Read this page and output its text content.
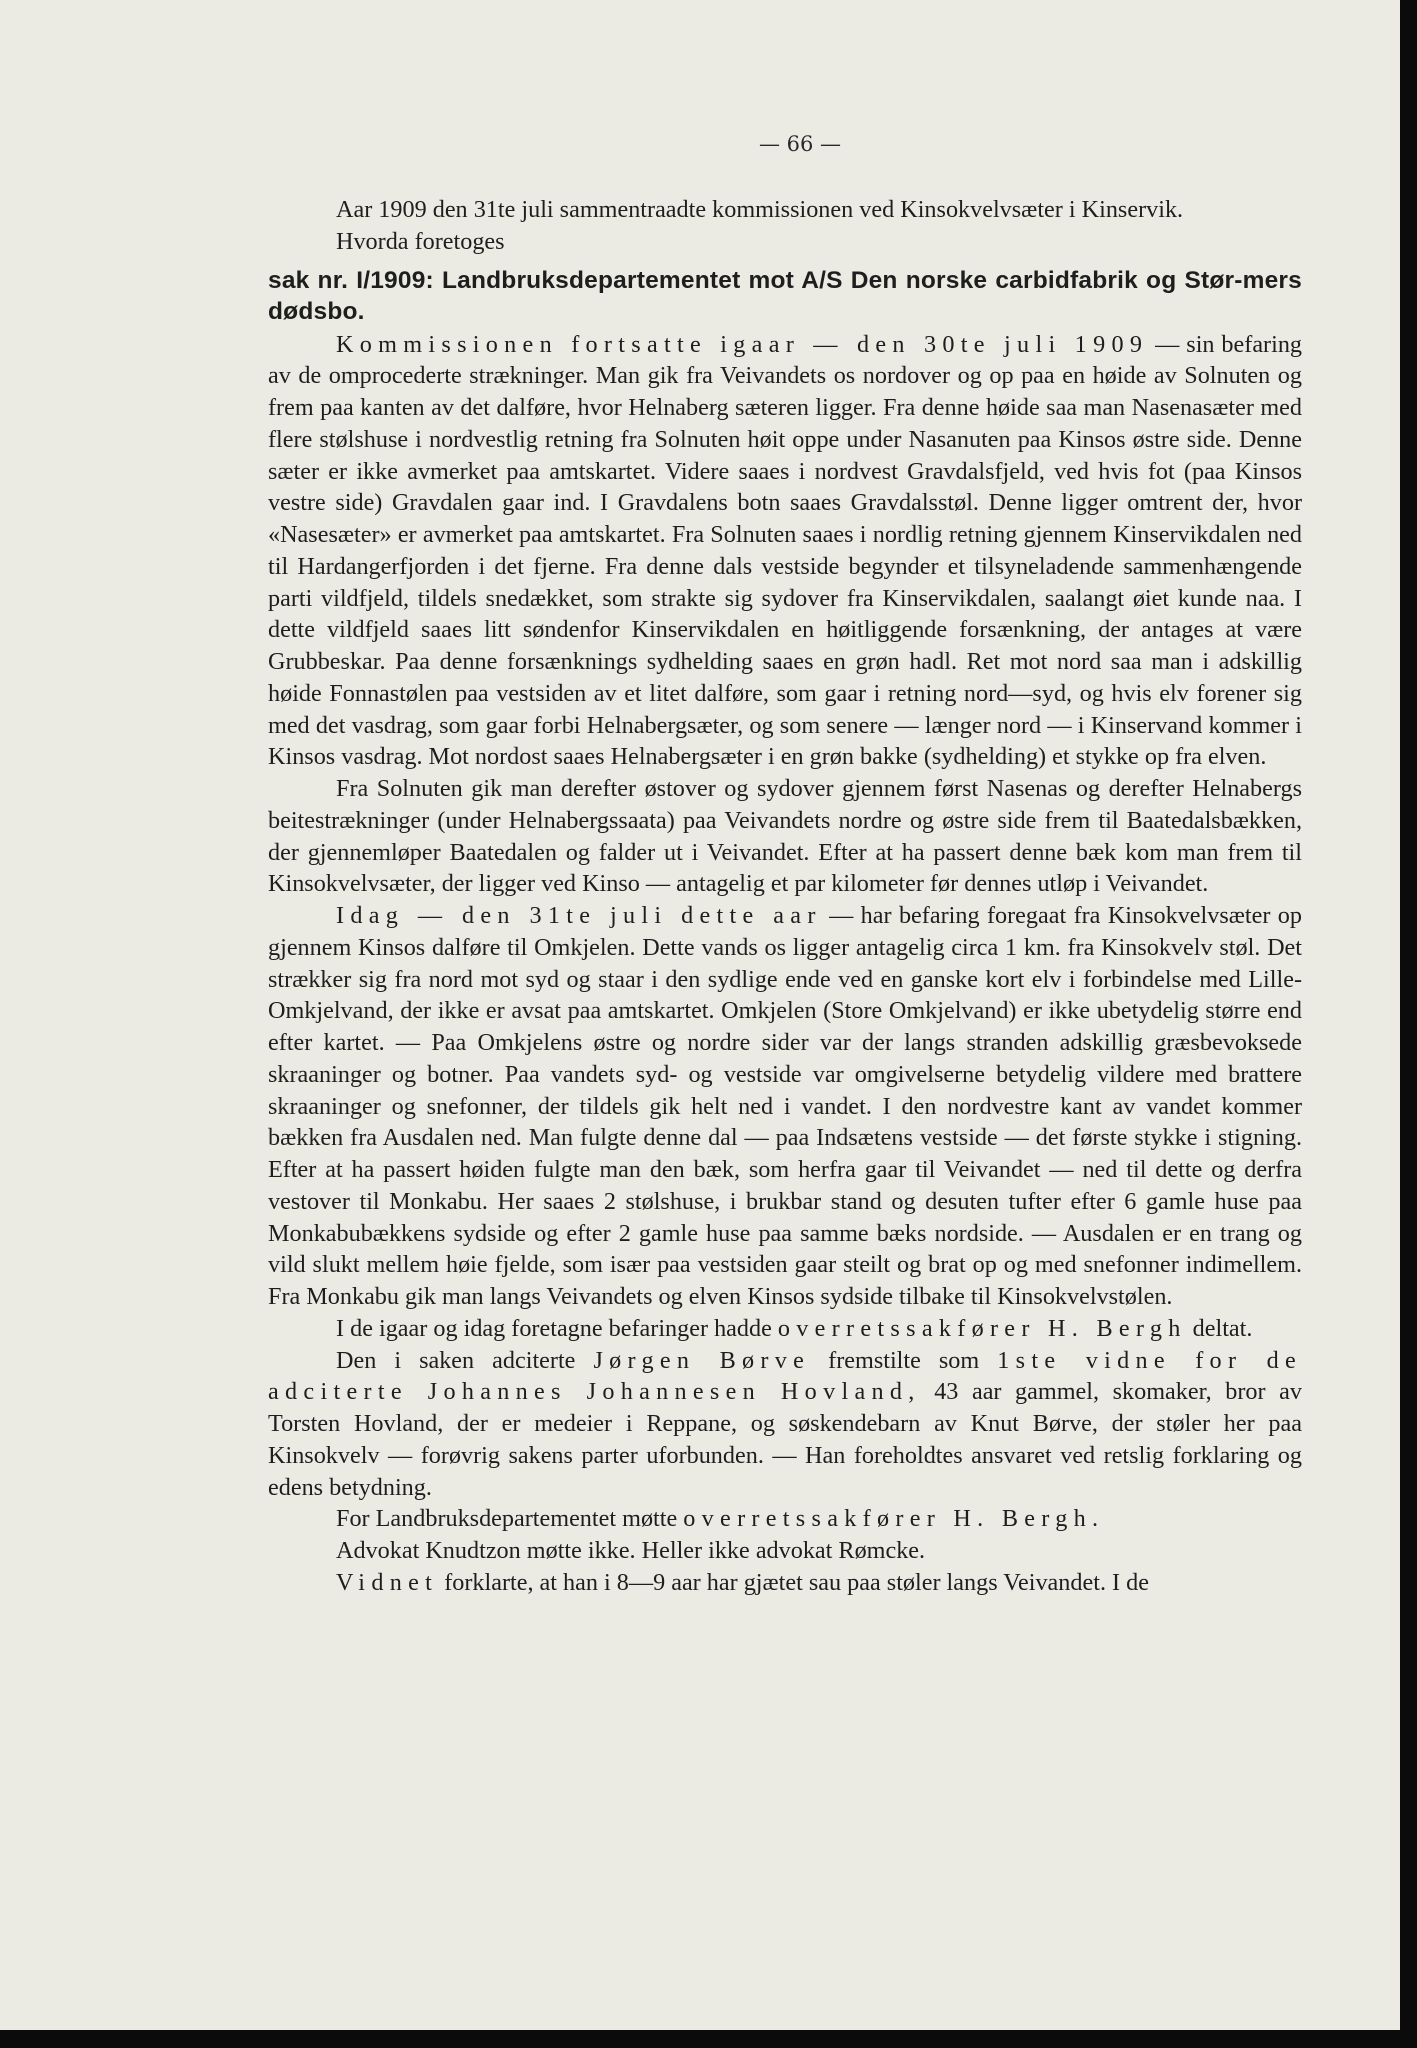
— 66 —

Aar 1909 den 31te juli sammentraadte kommissionen ved Kinsokvelvsæter i Kinservik.

Hvorda foretoges

sak nr. I/1909: Landbruksdepartementet mot A/S Den norske carbidfabrik og Stør-mers dødsbo.

Kommissionen fortsatte igaar — den 30te juli 1909 — sin befaring av de omprocederte strækninger. Man gik fra Veivandets os nordover og op paa en høide av Solnuten og frem paa kanten av det dalføre, hvor Helnaberg sæteren ligger. Fra denne høide saa man Nasenasæter med flere stølshuse i nordvestlig retning fra Solnuten høit oppe under Nasanuten paa Kinsos østre side. Denne sæter er ikke avmerket paa amtskartet. Videre saaes i nordvest Gravdalsfjeld, ved hvis fot (paa Kinsos vestre side) Gravdalen gaar ind. I Gravdalens botn saaes Gravdalsstøl. Denne ligger omtrent der, hvor «Nasesæter» er avmerket paa amtskartet. Fra Solnuten saaes i nordlig retning gjennem Kinservikdalen ned til Hardangerfjorden i det fjerne. Fra denne dals vestside begynder et tilsyneladende sammenhængende parti vildfjeld, tildels snedækket, som strakte sig sydover fra Kinservikdalen, saalangt øiet kunde naa. I dette vildfjeld saaes litt søndenfor Kinservikdalen en høitliggende forsænkning, der antages at være Grubbeskar. Paa denne forsænknings sydhelding saaes en grøn hadl. Ret mot nord saa man i adskillig høide Fonnastølen paa vestsiden av et litet dalføre, som gaar i retning nord—syd, og hvis elv forener sig med det vasdrag, som gaar forbi Helnabergsæter, og som senere — længer nord — i Kinservand kommer i Kinsos vasdrag. Mot nordost saaes Helnabergsæter i en grøn bakke (sydhelding) et stykke op fra elven.

Fra Solnuten gik man derefter østover og sydover gjennem først Nasenas og derefter Helnabergs beitestrækninger (under Helnabergssaata) paa Veivandets nordre og østre side frem til Baatedalsbækken, der gjennemløper Baatedalen og falder ut i Veivandet. Efter at ha passert denne bæk kom man frem til Kinsokvelvsæter, der ligger ved Kinso — antagelig et par kilometer før dennes utløp i Veivandet.

Idag — den 31te juli dette aar — har befaring foregaat fra Kinsokvelvsæter op gjennem Kinsos dalføre til Omkjelen. Dette vands os ligger antagelig circa 1 km. fra Kinsokvelv støl. Det strækker sig fra nord mot syd og staar i den sydlige ende ved en ganske kort elv i forbindelse med Lille-Omkjelvand, der ikke er avsat paa amtskartet. Omkjelen (Store Omkjelvand) er ikke ubetydelig større end efter kartet. — Paa Omkjelens østre og nordre sider var der langs stranden adskillig græsbevoksede skraaninger og botner. Paa vandets syd- og vestside var omgivelserne betydelig vildere med brattere skraaninger og snefonner, der tildels gik helt ned i vandet. I den nordvestre kant av vandet kommer bækken fra Ausdalen ned. Man fulgte denne dal — paa Indsætens vestside — det første stykke i stigning. Efter at ha passert høiden fulgte man den bæk, som herfra gaar til Veivandet — ned til dette og derfra vestover til Monkabu. Her saaes 2 stølshuse, i brukbar stand og desuten tufter efter 6 gamle huse paa Monkabubækkens sydside og efter 2 gamle huse paa samme bæks nordside. — Ausdalen er en trang og vild slukt mellem høie fjelde, som især paa vestsiden gaar steilt og brat op og med snefonner indimellem. Fra Monkabu gik man langs Veivandets og elven Kinsos sydside tilbake til Kinsokvelvstølen.

I de igaar og idag foretagne befaringer hadde overretssakfører H. Bergh deltat.

Den i saken adciterte Jørgen Børve fremstilte som 1ste vidne for de adciterte Johannes Johannesen Hovland, 43 aar gammel, skomaker, bror av Torsten Hovland, der er medeier i Reppane, og søskendebarn av Knut Børve, der støler her paa Kinsokvelv — forøvrig sakens parter uforbunden. — Han foreholdtes ansvaret ved retslig forklaring og edens betydning.

For Landbruksdepartementet møtte overretssakfører H. Bergh.

Advokat Knudtzon møtte ikke. Heller ikke advokat Rømcke.

Vidnet forklarte, at han i 8—9 aar har gjætet sau paa støler langs Veivandet. I de
